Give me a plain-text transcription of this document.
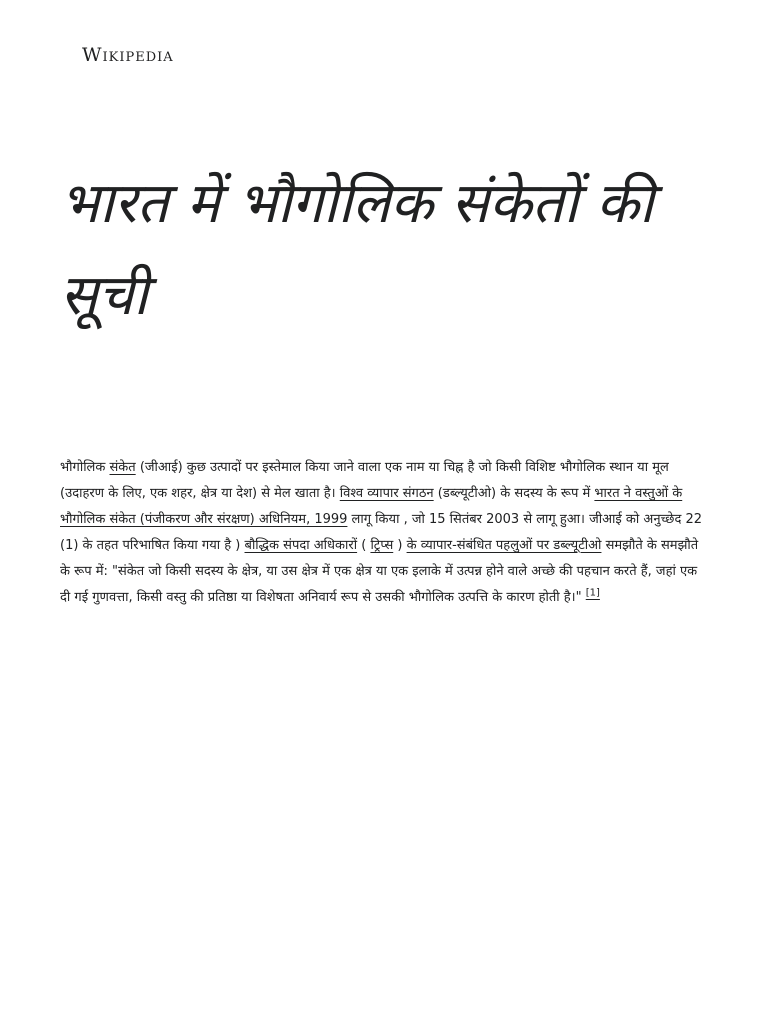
Wikipedia
भारत में भौगोलिक संकेतों की सूची

भौगोलिक संकेत (जीआई) कुछ उत्पादों पर इस्तेमाल किया जाने वाला एक नाम या चिह्न है जो किसी विशिष्ट भौगोलिक स्थान या मूल (उदाहरण के लिए, एक शहर, क्षेत्र या देश) से मेल खाता है। विश्व व्यापार संगठन (डब्ल्यूटीओ) के सदस्य के रूप में भारत ने वस्तुओं के भौगोलिक संकेत (पंजीकरण और संरक्षण) अधिनियम, 1999 लागू किया , जो 15 सितंबर 2003 से लागू हुआ। जीआई को अनुच्छेद 22 (1) के तहत परिभाषित किया गया है ) बौद्धिक संपदा अधिकारों ( ट्रिप्स ) के व्यापार-संबंधित पहलुओं पर डब्ल्यूटीओ समझौते के समझौते के रूप में: "संकेत जो किसी सदस्य के क्षेत्र, या उस क्षेत्र में एक क्षेत्र या एक इलाके में उत्पन्न होने वाले अच्छे की पहचान करते हैं, जहां एक दी गई गुणवत्ता, किसी वस्तु की प्रतिष्ठा या विशेषता अनिवार्य रूप से उसकी भौगोलिक उत्पत्ति के कारण होती है।" [1]
